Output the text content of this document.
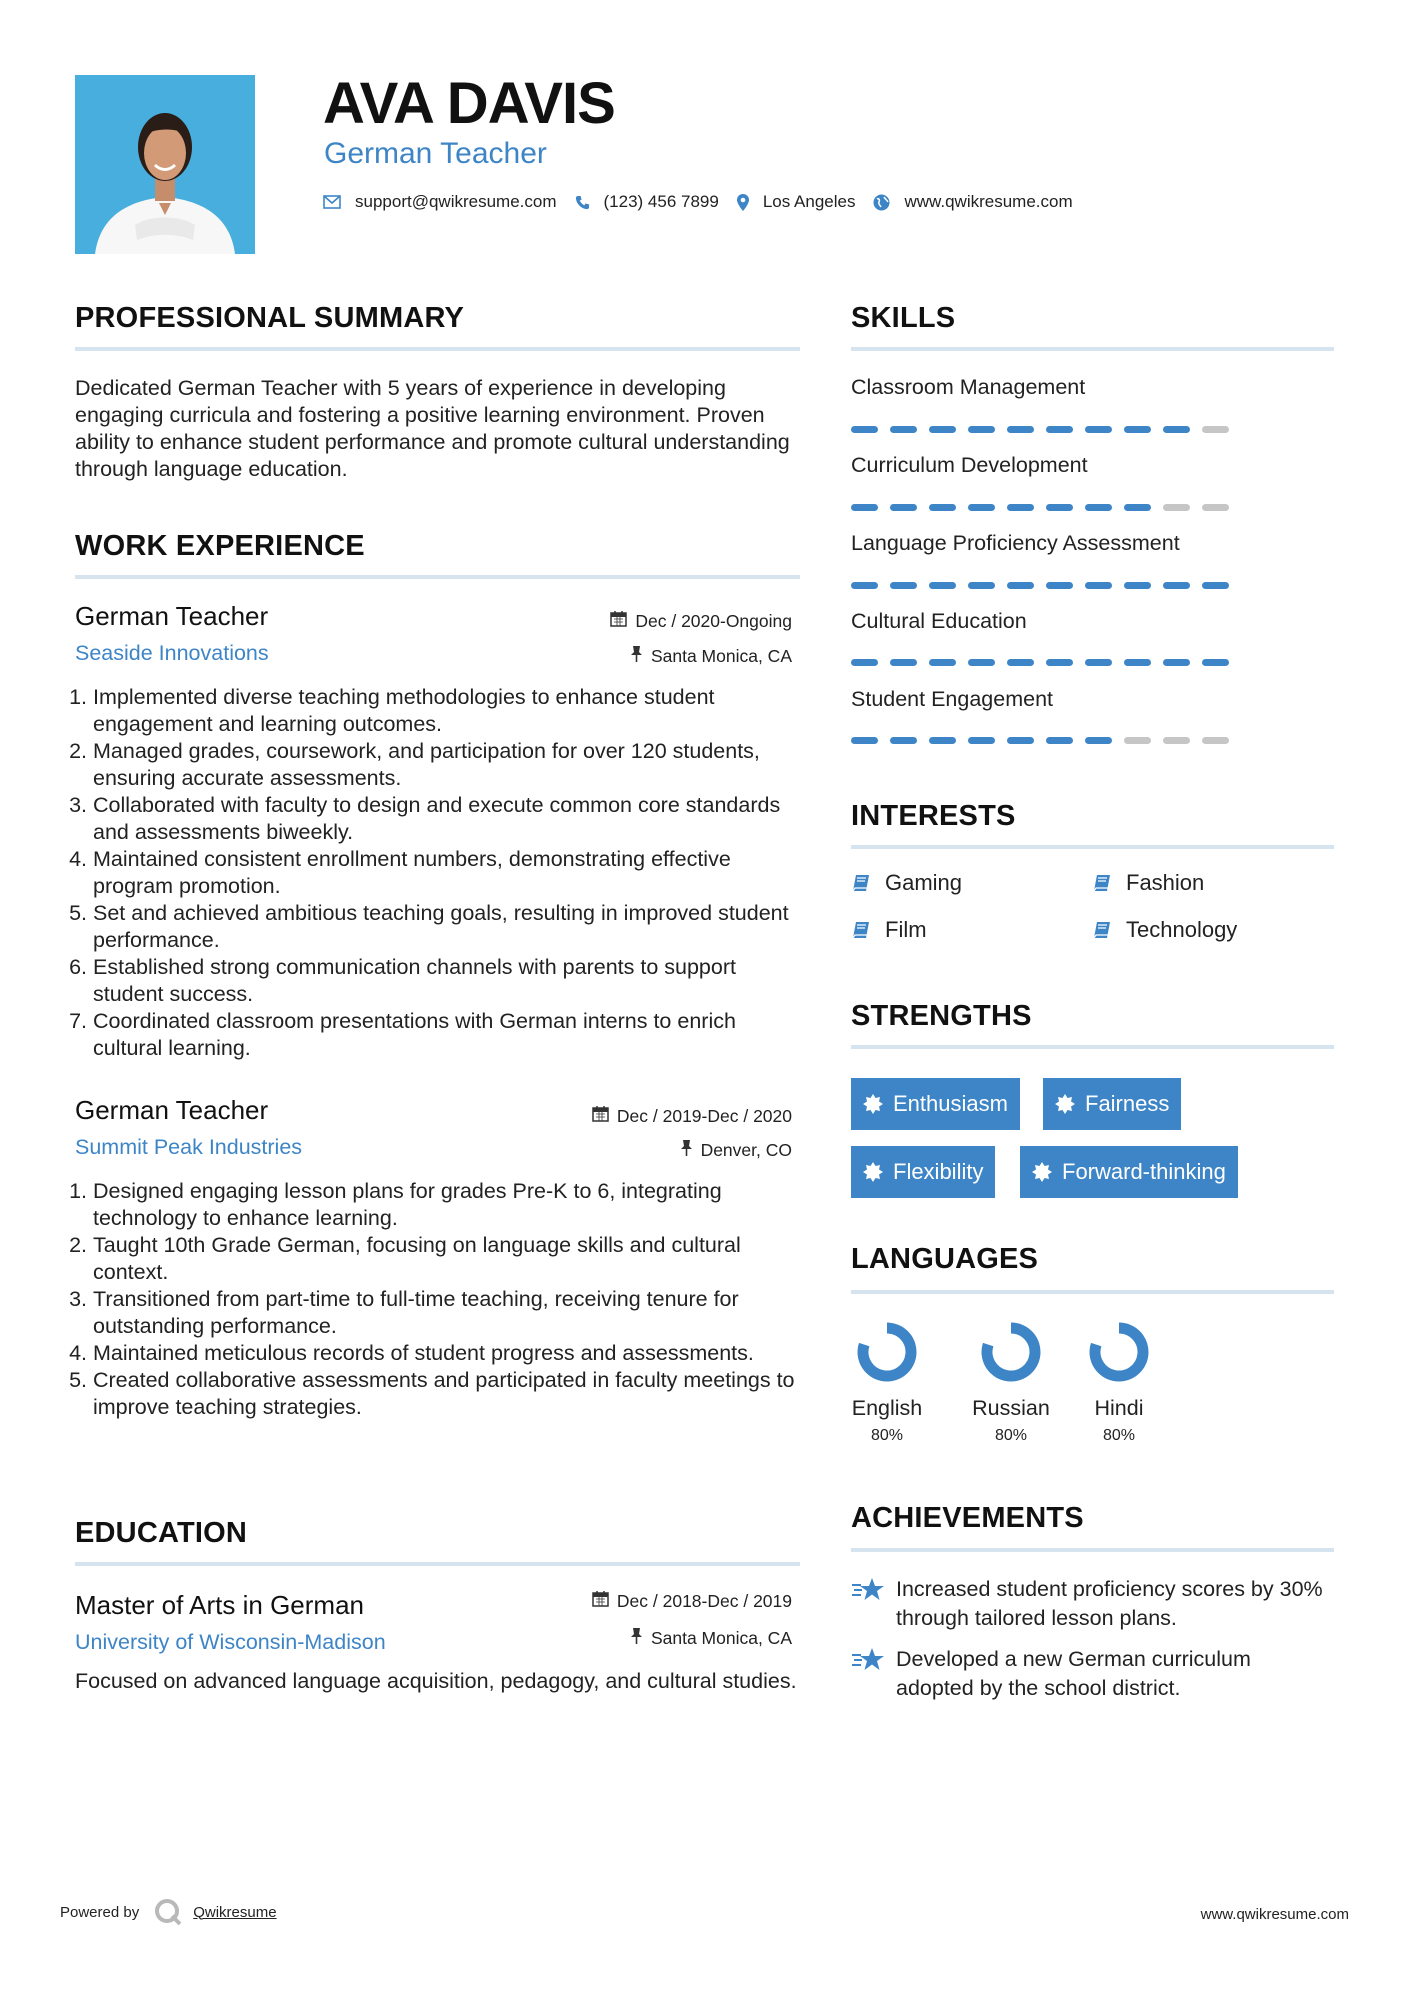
AVA DAVIS
German Teacher
support@qwikresume.com	(123) 456 7899	Los Angeles	www.qwikresume.com
PROFESSIONAL SUMMARY
Dedicated German Teacher with 5 years of experience in developing engaging curricula and fostering a positive learning environment. Proven ability to enhance student performance and promote cultural understanding through language education.
WORK EXPERIENCE
German Teacher
Seaside Innovations
Dec / 2020-Ongoing
Santa Monica, CA
1. Implemented diverse teaching methodologies to enhance student engagement and learning outcomes.
2. Managed grades, coursework, and participation for over 120 students, ensuring accurate assessments.
3. Collaborated with faculty to design and execute common core standards and assessments biweekly.
4. Maintained consistent enrollment numbers, demonstrating effective program promotion.
5. Set and achieved ambitious teaching goals, resulting in improved student performance.
6. Established strong communication channels with parents to support student success.
7. Coordinated classroom presentations with German interns to enrich cultural learning.
German Teacher
Summit Peak Industries
Dec / 2019-Dec / 2020
Denver, CO
1. Designed engaging lesson plans for grades Pre-K to 6, integrating technology to enhance learning.
2. Taught 10th Grade German, focusing on language skills and cultural context.
3. Transitioned from part-time to full-time teaching, receiving tenure for outstanding performance.
4. Maintained meticulous records of student progress and assessments.
5. Created collaborative assessments and participated in faculty meetings to improve teaching strategies.
EDUCATION
Master of Arts in German
University of Wisconsin-Madison
Dec / 2018-Dec / 2019
Santa Monica, CA
Focused on advanced language acquisition, pedagogy, and cultural studies.
SKILLS
Classroom Management
Curriculum Development
Language Proficiency Assessment
Cultural Education
Student Engagement
INTERESTS
Gaming	Fashion
Film	Technology
STRENGTHS
Enthusiasm	Fairness
Flexibility	Forward-thinking
LANGUAGES
English
80%
Russian
80%
Hindi
80%
ACHIEVEMENTS
Increased student proficiency scores by 30% through tailored lesson plans.
Developed a new German curriculum adopted by the school district.
Powered by	Qwikresume	www.qwikresume.com
